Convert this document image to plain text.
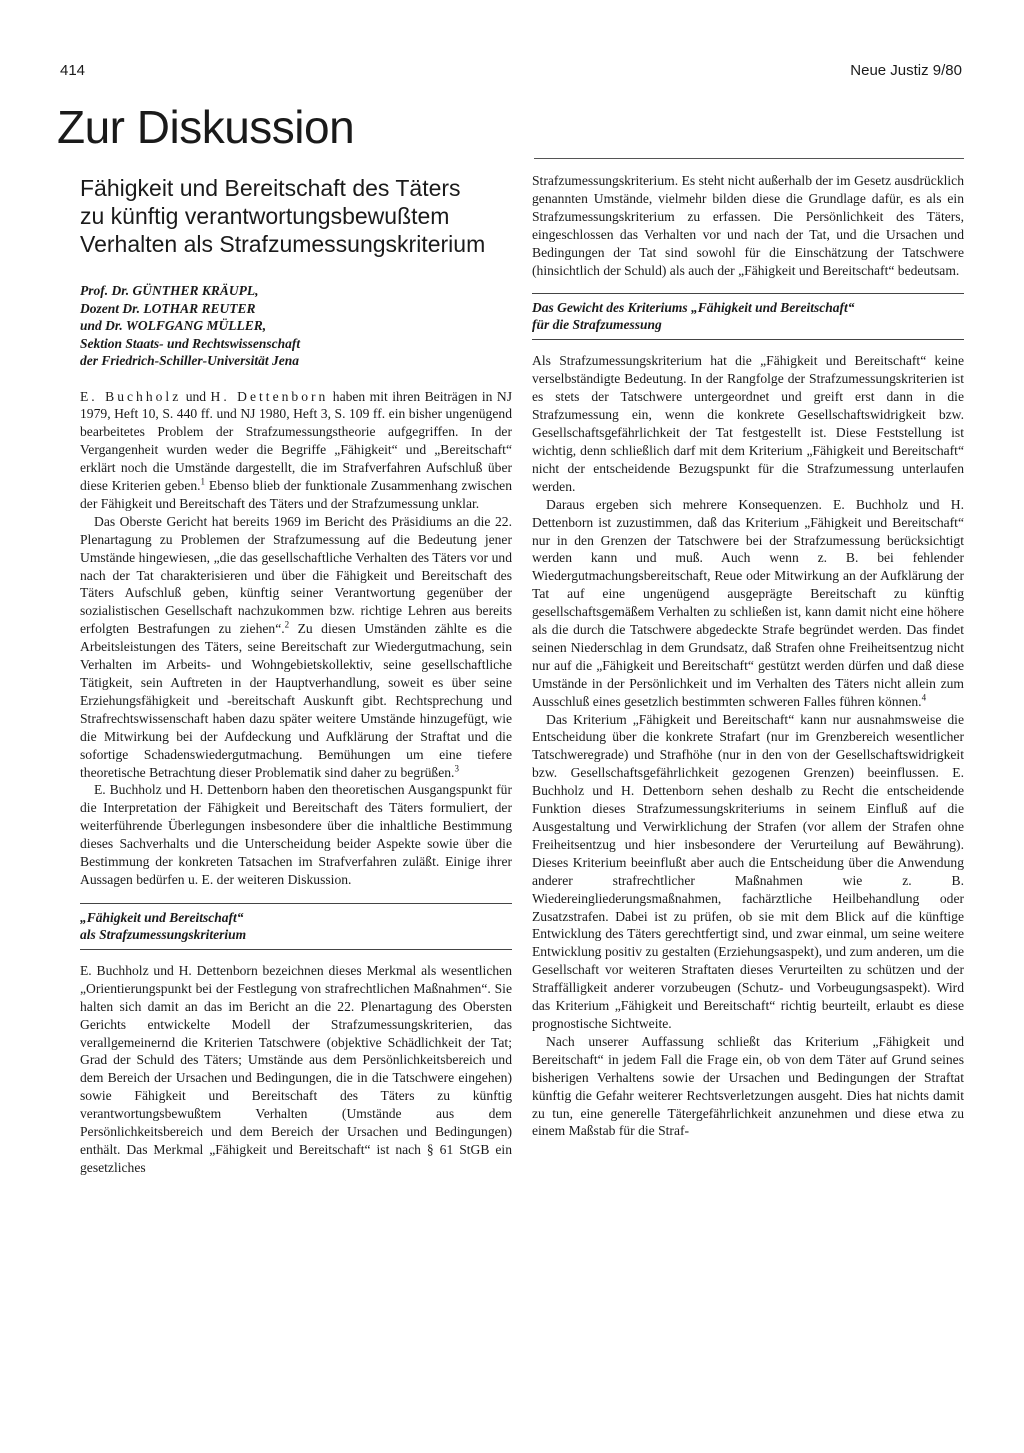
414	Neue Justiz 9/80
Zur Diskussion
Fähigkeit und Bereitschaft des Täters
zu künftig verantwortungsbewußtem
Verhalten als Strafzumessungskriterium
Prof. Dr. GÜNTHER KRÄUPL,
Dozent Dr. LOTHAR REUTER
und Dr. WOLFGANG MÜLLER,
Sektion Staats- und Rechtswissenschaft
der Friedrich-Schiller-Universität Jena

E. Buchholz und H. Dettenborn haben mit ihren Beiträgen in NJ 1979, Heft 10, S. 440 ff. und NJ 1980, Heft 3, S. 109 ff. ein bisher ungenügend bearbeitetes Problem der Strafzumessungstheorie aufgegriffen. In der Vergangenheit wurden weder die Begriffe „Fähigkeit“ und „Bereitschaft“ erklärt noch die Umstände dargestellt, die im Strafverfahren Aufschluß über diese Kriterien geben.$^1$ Ebenso blieb der funktionale Zusammenhang zwischen der Fähigkeit und Bereitschaft des Täters und der Strafzumessung unklar.

Das Oberste Gericht hat bereits 1969 im Bericht des Präsidiums an die 22. Plenartagung zu Problemen der Strafzumessung auf die Bedeutung jener Umstände hingewiesen, „die das gesellschaftliche Verhalten des Täters vor und nach der Tat charakterisieren und über die Fähigkeit und Bereitschaft des Täters Aufschluß geben, künftig seiner Verantwortung gegenüber der sozialistischen Gesellschaft nachzukommen bzw. richtige Lehren aus bereits erfolgten Bestrafungen zu ziehen“.$^2$ Zu diesen Umständen zählte es die Arbeitsleistungen des Täters, seine Bereitschaft zur Wiedergutmachung, sein Verhalten im Arbeits- und Wohngebietskollektiv, seine gesellschaftliche Tätigkeit, sein Auftreten in der Hauptverhandlung, soweit es über seine Erziehungsfähigkeit und -bereitschaft Auskunft gibt. Rechtsprechung und Strafrechtswissenschaft haben dazu später weitere Umstände hinzugefügt, wie die Mitwirkung bei der Aufdeckung und Aufklärung der Straftat und die sofortige Schadenswiedergutmachung. Bemühungen um eine tiefere theoretische Betrachtung dieser Problematik sind daher zu begrüßen.$^3$

E. Buchholz und H. Dettenborn haben den theoretischen Ausgangspunkt für die Interpretation der Fähigkeit und Bereitschaft des Täters formuliert, der weiterführende Überlegungen insbesondere über die inhaltliche Bestimmung dieses Sachverhalts und die Unterscheidung beider Aspekte sowie über die Bestimmung der konkreten Tatsachen im Strafverfahren zuläßt. Einige ihrer Aussagen bedürfen u. E. der weiteren Diskussion.

„Fähigkeit und Bereitschaft“
als Strafzumessungskriterium

E. Buchholz und H. Dettenborn bezeichnen dieses Merkmal als wesentlichen „Orientierungspunkt bei der Festlegung von strafrechtlichen Maßnahmen“. Sie halten sich damit an das im Bericht an die 22. Plenartagung des Obersten Gerichts entwickelte Modell der Strafzumessungskriterien, das verallgemeinernd die Kriterien Tatschwere (objektive Schädlichkeit der Tat; Grad der Schuld des Täters; Umstände aus dem Persönlichkeitsbereich und dem Bereich der Ursachen und Bedingungen, die in die Tatschwere eingehen) sowie Fähigkeit und Bereitschaft des Täters zu künftig verantwortungsbewußtem Verhalten (Umstände aus dem Persönlichkeitsbereich und dem Bereich der Ursachen und Bedingungen) enthält. Das Merkmal „Fähigkeit und Bereitschaft“ ist nach § 61 StGB ein gesetzliches

Strafzumessungskriterium. Es steht nicht außerhalb der im Gesetz ausdrücklich genannten Umstände, vielmehr bilden diese die Grundlage dafür, es als ein Strafzumessungskriterium zu erfassen. Die Persönlichkeit des Täters, eingeschlossen das Verhalten vor und nach der Tat, und die Ursachen und Bedingungen der Tat sind sowohl für die Einschätzung der Tatschwere (hinsichtlich der Schuld) als auch der „Fähigkeit und Bereitschaft“ bedeutsam.

Das Gewicht des Kriteriums „Fähigkeit und Bereitschaft“
für die Strafzumessung

Als Strafzumessungskriterium hat die „Fähigkeit und Bereitschaft“ keine verselbständigte Bedeutung. In der Rangfolge der Strafzumessungskriterien ist es stets der Tatschwere untergeordnet und greift erst dann in die Strafzumessung ein, wenn die konkrete Gesellschaftswidrigkeit bzw. Gesellschaftsgefährlichkeit der Tat festgestellt ist. Diese Feststellung ist wichtig, denn schließlich darf mit dem Kriterium „Fähigkeit und Bereitschaft“ nicht der entscheidende Bezugspunkt für die Strafzumessung unterlaufen werden.

Daraus ergeben sich mehrere Konsequenzen. E. Buchholz und H. Dettenborn ist zuzustimmen, daß das Kriterium „Fähigkeit und Bereitschaft“ nur in den Grenzen der Tatschwere bei der Strafzumessung berücksichtigt werden kann und muß. Auch wenn z. B. bei fehlender Wiedergutmachungsbereitschaft, Reue oder Mitwirkung an der Aufklärung der Tat auf eine ungenügend ausgeprägte Bereitschaft zu künftig gesellschaftsgemäßem Verhalten zu schließen ist, kann damit nicht eine höhere als die durch die Tatschwere abgedeckte Strafe begründet werden. Das findet seinen Niederschlag in dem Grundsatz, daß Strafen ohne Freiheitsentzug nicht nur auf die „Fähigkeit und Bereitschaft“ gestützt werden dürfen und daß diese Umstände in der Persönlichkeit und im Verhalten des Täters nicht allein zum Ausschluß eines gesetzlich bestimmten schweren Falles führen können.$^4$

Das Kriterium „Fähigkeit und Bereitschaft“ kann nur ausnahmsweise die Entscheidung über die konkrete Strafart (nur im Grenzbereich wesentlicher Tatschweregrade) und Strafhöhe (nur in den von der Gesellschaftswidrigkeit bzw. Gesellschaftsgefährlichkeit gezogenen Grenzen) beeinflussen. E. Buchholz und H. Dettenborn sehen deshalb zu Recht die entscheidende Funktion dieses Strafzumessungskriteriums in seinem Einfluß auf die Ausgestaltung und Verwirklichung der Strafen (vor allem der Strafen ohne Freiheitsentzug und hier insbesondere der Verurteilung auf Bewährung). Dieses Kriterium beeinflußt aber auch die Entscheidung über die Anwendung anderer strafrechtlicher Maßnahmen wie z. B. Wiedereingliederungsmaßnahmen, fachärztliche Heilbehandlung oder Zusatzstrafen. Dabei ist zu prüfen, ob sie mit dem Blick auf die künftige Entwicklung des Täters gerechtfertigt sind, und zwar einmal, um seine weitere Entwicklung positiv zu gestalten (Erziehungsaspekt), und zum anderen, um die Gesellschaft vor weiteren Straftaten dieses Verurteilten zu schützen und der Straffälligkeit anderer vorzubeugen (Schutz- und Vorbeugungsaspekt). Wird das Kriterium „Fähigkeit und Bereitschaft“ richtig beurteilt, erlaubt es diese prognostische Sichtweite.

Nach unserer Auffassung schließt das Kriterium „Fähigkeit und Bereitschaft“ in jedem Fall die Frage ein, ob von dem Täter auf Grund seines bisherigen Verhaltens sowie der Ursachen und Bedingungen der Straftat künftig die Gefahr weiterer Rechtsverletzungen ausgeht. Dies hat nichts damit zu tun, eine generelle Tätergefährlichkeit anzunehmen und diese etwa zu einem Maßstab für die Straf-
